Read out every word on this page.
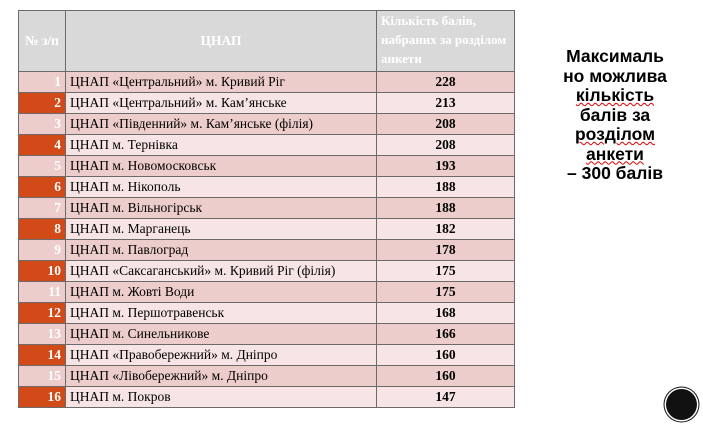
№ з/п	ЦНАП	Кількість балів, набраних за розділом анкети
1	ЦНАП «Центральний» м. Кривий Ріг	228
2	ЦНАП «Центральний» м. Кам’янське	213
3	ЦНАП «Південний» м. Кам’янське (філія)	208
4	ЦНАП м. Тернівка	208
5	ЦНАП м. Новомосковськ	193
6	ЦНАП м. Нікополь	188
7	ЦНАП м. Вільногірськ	188
8	ЦНАП м. Марганець	182
9	ЦНАП м. Павлоград	178
10	ЦНАП «Саксаганський» м. Кривий Ріг (філія)	175
11	ЦНАП м. Жовті Води	175
12	ЦНАП м. Першотравенськ	168
13	ЦНАП м. Синельникове	166
14	ЦНАП «Правобережний» м. Дніпро	160
15	ЦНАП «Лівобережний» м. Дніпро	160
16	ЦНАП м. Покров	147
Максималь
но можлива
кількість
балів за
розділом
анкети
– 300 балів
